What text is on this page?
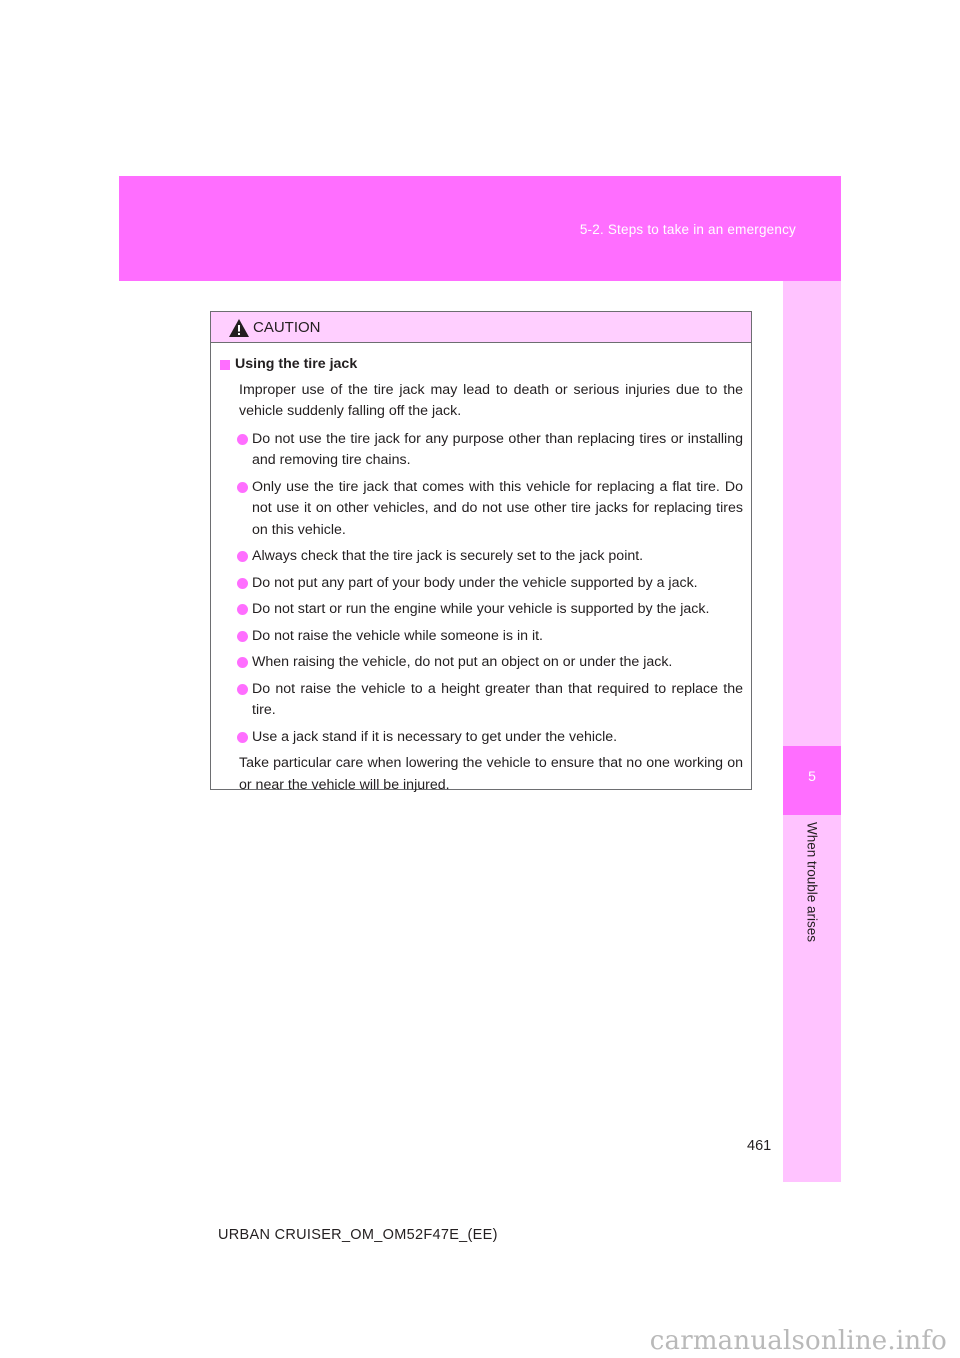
5-2. Steps to take in an emergency
5
When trouble arises
CAUTION
Using the tire jack

Improper use of the tire jack may lead to death or serious injuries due to the vehicle suddenly falling off the jack.

Do not use the tire jack for any purpose other than replacing tires or installing and removing tire chains.
Only use the tire jack that comes with this vehicle for replacing a flat tire. Do not use it on other vehicles, and do not use other tire jacks for replacing tires on this vehicle.
Always check that the tire jack is securely set to the jack point.
Do not put any part of your body under the vehicle supported by a jack.
Do not start or run the engine while your vehicle is supported by the jack.
Do not raise the vehicle while someone is in it.
When raising the vehicle, do not put an object on or under the jack.
Do not raise the vehicle to a height greater than that required to replace the tire.
Use a jack stand if it is necessary to get under the vehicle.

Take particular care when lowering the vehicle to ensure that no one working on or near the vehicle will be injured.

461
URBAN CRUISER_OM_OM52F47E_(EE)
carmanualsonline.info
